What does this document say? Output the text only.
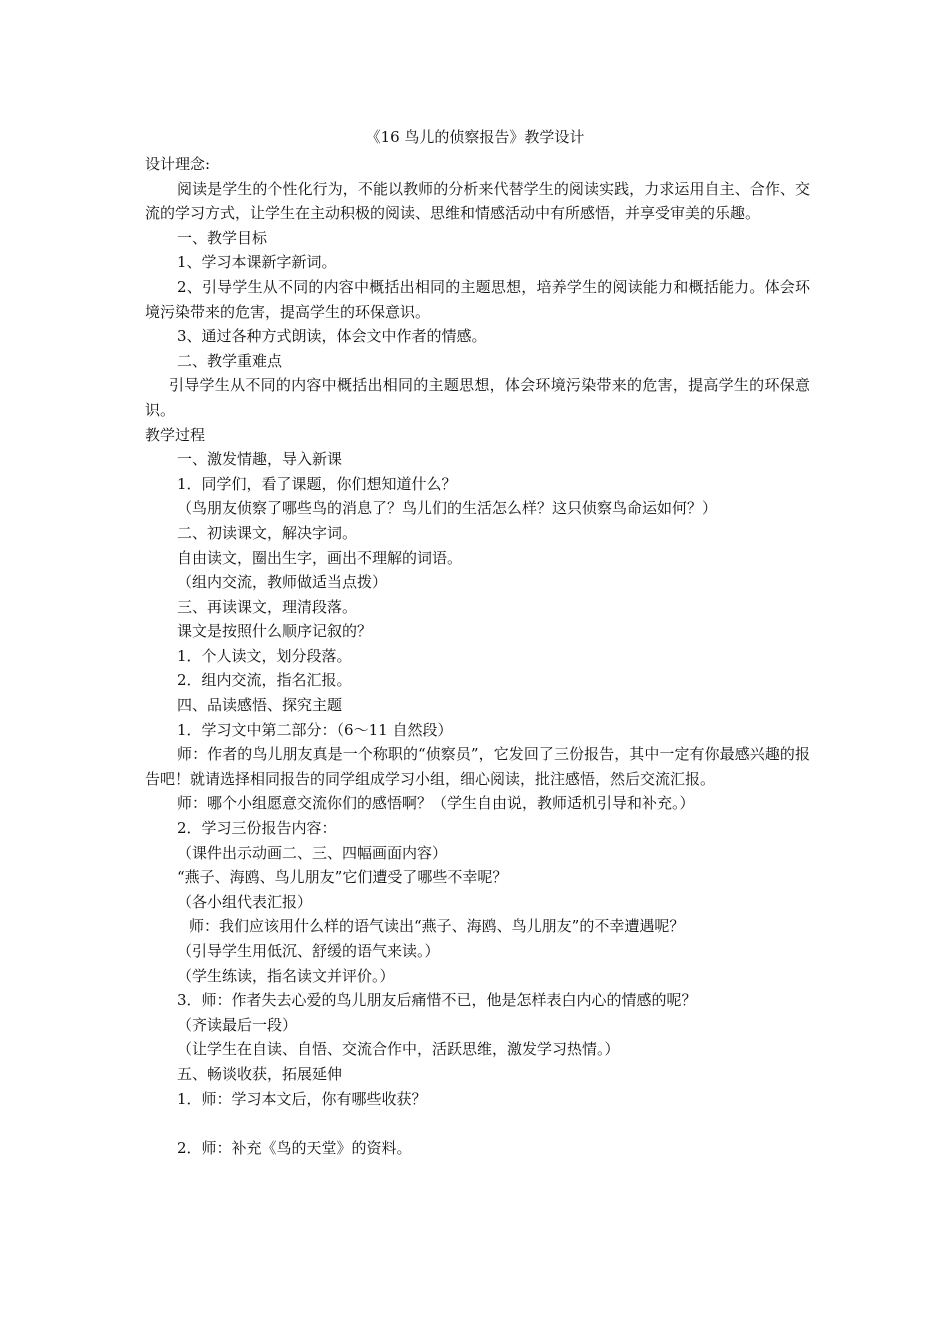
《16 鸟儿的侦察报告》教学设计

设计理念:

阅读是学生的个性化行为，不能以教师的分析来代替学生的阅读实践，力求运用自主、合作、交流的学习方式，让学生在主动积极的阅读、思维和情感活动中有所感悟，并享受审美的乐趣。

一、教学目标

1、学习本课新字新词。

2、引导学生从不同的内容中概括出相同的主题思想，培养学生的阅读能力和概括能力。体会环境污染带来的危害，提高学生的环保意识。

3、通过各种方式朗读，体会文中作者的情感。

二、教学重难点

引导学生从不同的内容中概括出相同的主题思想，体会环境污染带来的危害，提高学生的环保意识。

教学过程

一、激发情趣，导入新课

1．同学们，看了课题，你们想知道什么？

（鸟朋友侦察了哪些鸟的消息了？鸟儿们的生活怎么样？这只侦察鸟命运如何？）

二、初读课文，解决字词。

自由读文，圈出生字，画出不理解的词语。

（组内交流，教师做适当点拨）

三、再读课文，理清段落。

课文是按照什么顺序记叙的？

1．个人读文，划分段落。

2．组内交流，指名汇报。

四、品读感悟、探究主题

1．学习文中第二部分：（6～11 自然段）

师：作者的鸟儿朋友真是一个称职的“侦察员”，它发回了三份报告，其中一定有你最感兴趣的报告吧！就请选择相同报告的同学组成学习小组，细心阅读，批注感悟，然后交流汇报。

师：哪个小组愿意交流你们的感悟啊？（学生自由说，教师适机引导和补充。）

2．学习三份报告内容：

（课件出示动画二、三、四幅画面内容）

“燕子、海鸥、鸟儿朋友”它们遭受了哪些不幸呢？

（各小组代表汇报）

师：我们应该用什么样的语气读出“燕子、海鸥、鸟儿朋友”的不幸遭遇呢？

（引导学生用低沉、舒缓的语气来读。）

（学生练读，指名读文并评价。）

3．师：作者失去心爱的鸟儿朋友后痛惜不已，他是怎样表白内心的情感的呢？

（齐读最后一段）

（让学生在自读、自悟、交流合作中，活跃思维，激发学习热情。）

五、畅谈收获，拓展延伸

1．师：学习本文后，你有哪些收获？

2．师：补充《鸟的天堂》的资料。
